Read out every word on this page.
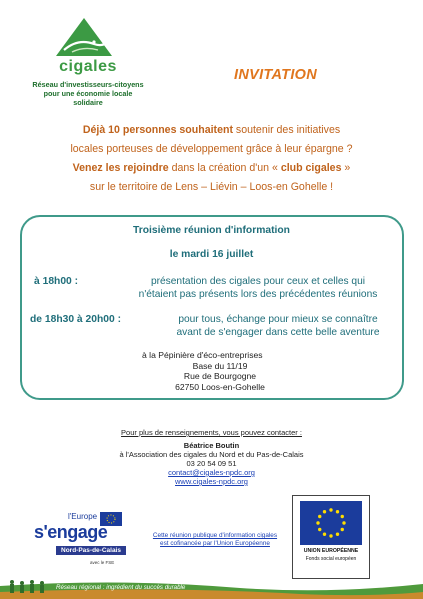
cigales
Réseau d'investisseurs-citoyens
pour une économie locale
solidaire
INVITATION
Déjà 10 personnes souhaitent soutenir des initiatives
locales porteuses de développement grâce à leur épargne ?
Venez les rejoindre dans la création d'un « club cigales »
sur le territoire de Lens – Liévin – Loos-en Gohelle !
Troisième réunion d'information
le mardi 16 juillet
à 18h00 :	présentation des cigales pour ceux et celles qui
n'étaient pas présents lors des précédentes réunions
de 18h30 à 20h00 :	pour tous, échange pour mieux se connaître
avant de s'engager dans cette belle aventure
à la Pépinière d'éco-entreprises
Base du 11/19
Rue de Bourgogne
62750 Loos-en-Gohelle
Pour plus de renseignements, vous pouvez contacter :
Béatrice Boutin
à l'Association des cigales du Nord et du Pas-de-Calais
03 20 54 09 51
contact@cigales-npdc.org
www.cigales-npdc.org
l'Europe
s'engage
Nord-Pas-de-Calais
avec le FSE
Cette réunion publique d'information cigales
est cofinancée par l'Union Européenne
UNION EUROPÉENNE
Fonds social européen
Réseau régional : ingrédient du succès durable
